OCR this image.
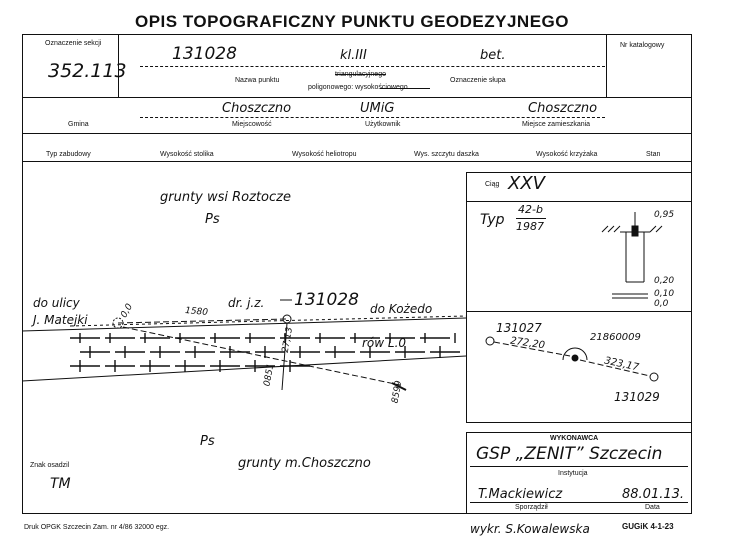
OPIS TOPOGRAFICZNY PUNKTU GEODEZYJNEGO
Oznaczenie sekcji
352.113
131028	kl.III	bet.
Nazwa punktu
triangulacyjnego
poligonowego: wysokościowego
Oznaczenie słupa
Nr katalogowy
Choszczno	UMiG	Choszczno
Gmina	Miejscowość	Użytkownik	Miejsce zamieszkania
Typ zabudowy	Wysokość stolika	Wysokość heliotropu	Wys. szczytu daszka	Wysokość krzyżaka	Stan
Ciąg XXV
Typ
42-b
1987
0,95
0,20
0,10
0,0
131027
272,20	21860009
323,17
131029
WYKONAWCA
GSP „ZENIT” Szczecin
Instytucja
T.Mackiewicz	88.01.13.
Sporządził	Data
Znak osadzil
TM
grunty wsi Roztocze
Ps
do ulicy
J. Matejki
1580
dr. j.z. 131028 do Kożedo
rów L.0
0,0
27,13
0851
8599
Ps
grunty m.Choszczno
Druk OPGK Szczecin Zam. nr 4/86 32000 egz.	wykr. S.Kowalewska	GUGiK 4-1-23
